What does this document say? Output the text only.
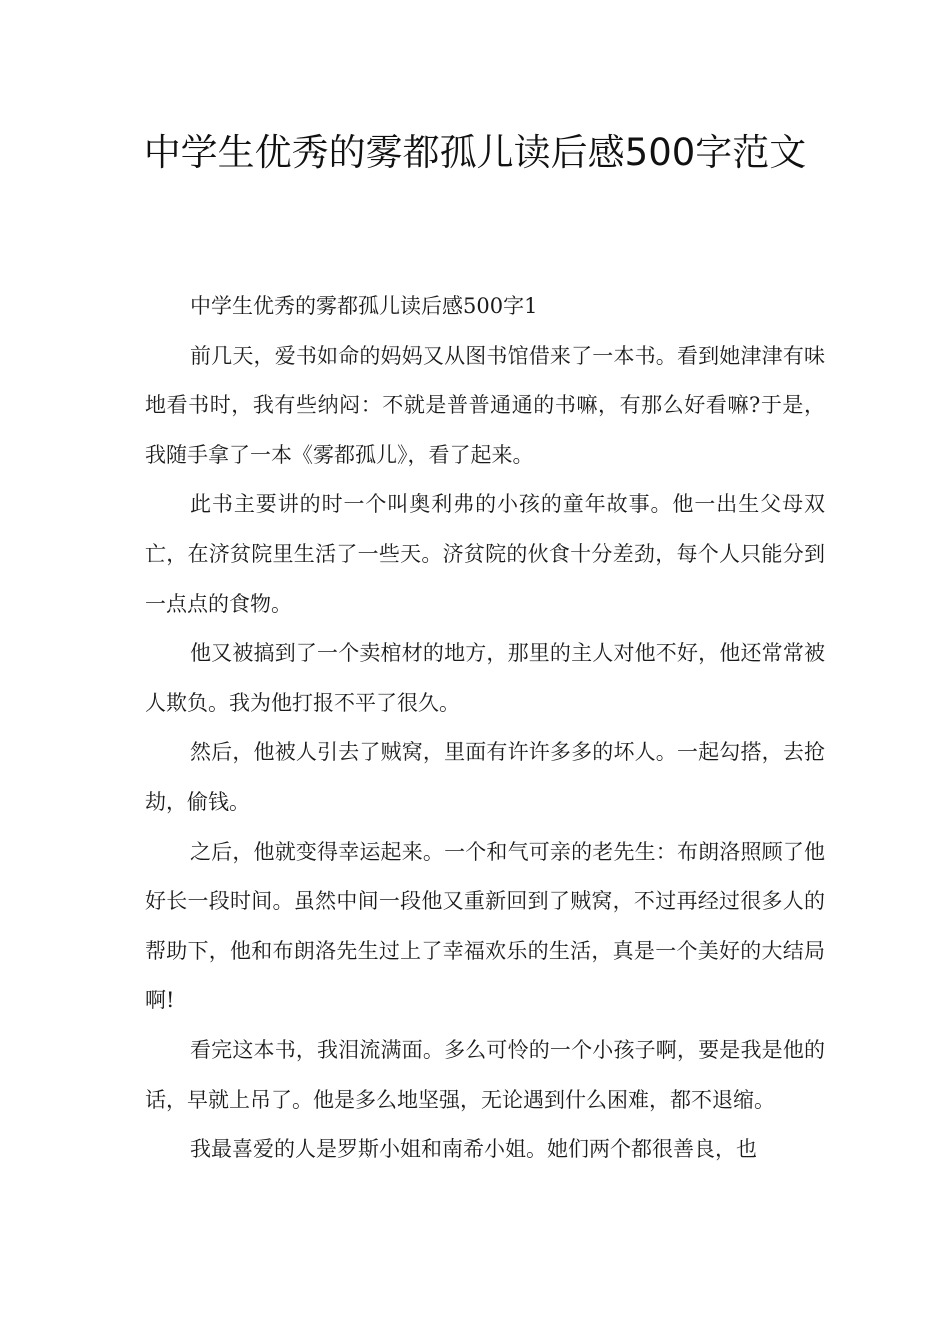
中学生优秀的雾都孤儿读后感500字范文

中学生优秀的雾都孤儿读后感500字1

前几天，爱书如命的妈妈又从图书馆借来了一本书。看到她津津有味地看书时，我有些纳闷：不就是普普通通的书嘛，有那么好看嘛?于是，我随手拿了一本《雾都孤儿》，看了起来。

此书主要讲的时一个叫奥利弗的小孩的童年故事。他一出生父母双亡，在济贫院里生活了一些天。济贫院的伙食十分差劲，每个人只能分到一点点的食物。

他又被搞到了一个卖棺材的地方，那里的主人对他不好，他还常常被人欺负。我为他打报不平了很久。

然后，他被人引去了贼窝，里面有许许多多的坏人。一起勾搭，去抢劫，偷钱。

之后，他就变得幸运起来。一个和气可亲的老先生：布朗洛照顾了他好长一段时间。虽然中间一段他又重新回到了贼窝，不过再经过很多人的帮助下，他和布朗洛先生过上了幸福欢乐的生活，真是一个美好的大结局啊!

看完这本书，我泪流满面。多么可怜的一个小孩子啊，要是我是他的话，早就上吊了。他是多么地坚强，无论遇到什么困难，都不退缩。

我最喜爱的人是罗斯小姐和南希小姐。她们两个都很善良，也
